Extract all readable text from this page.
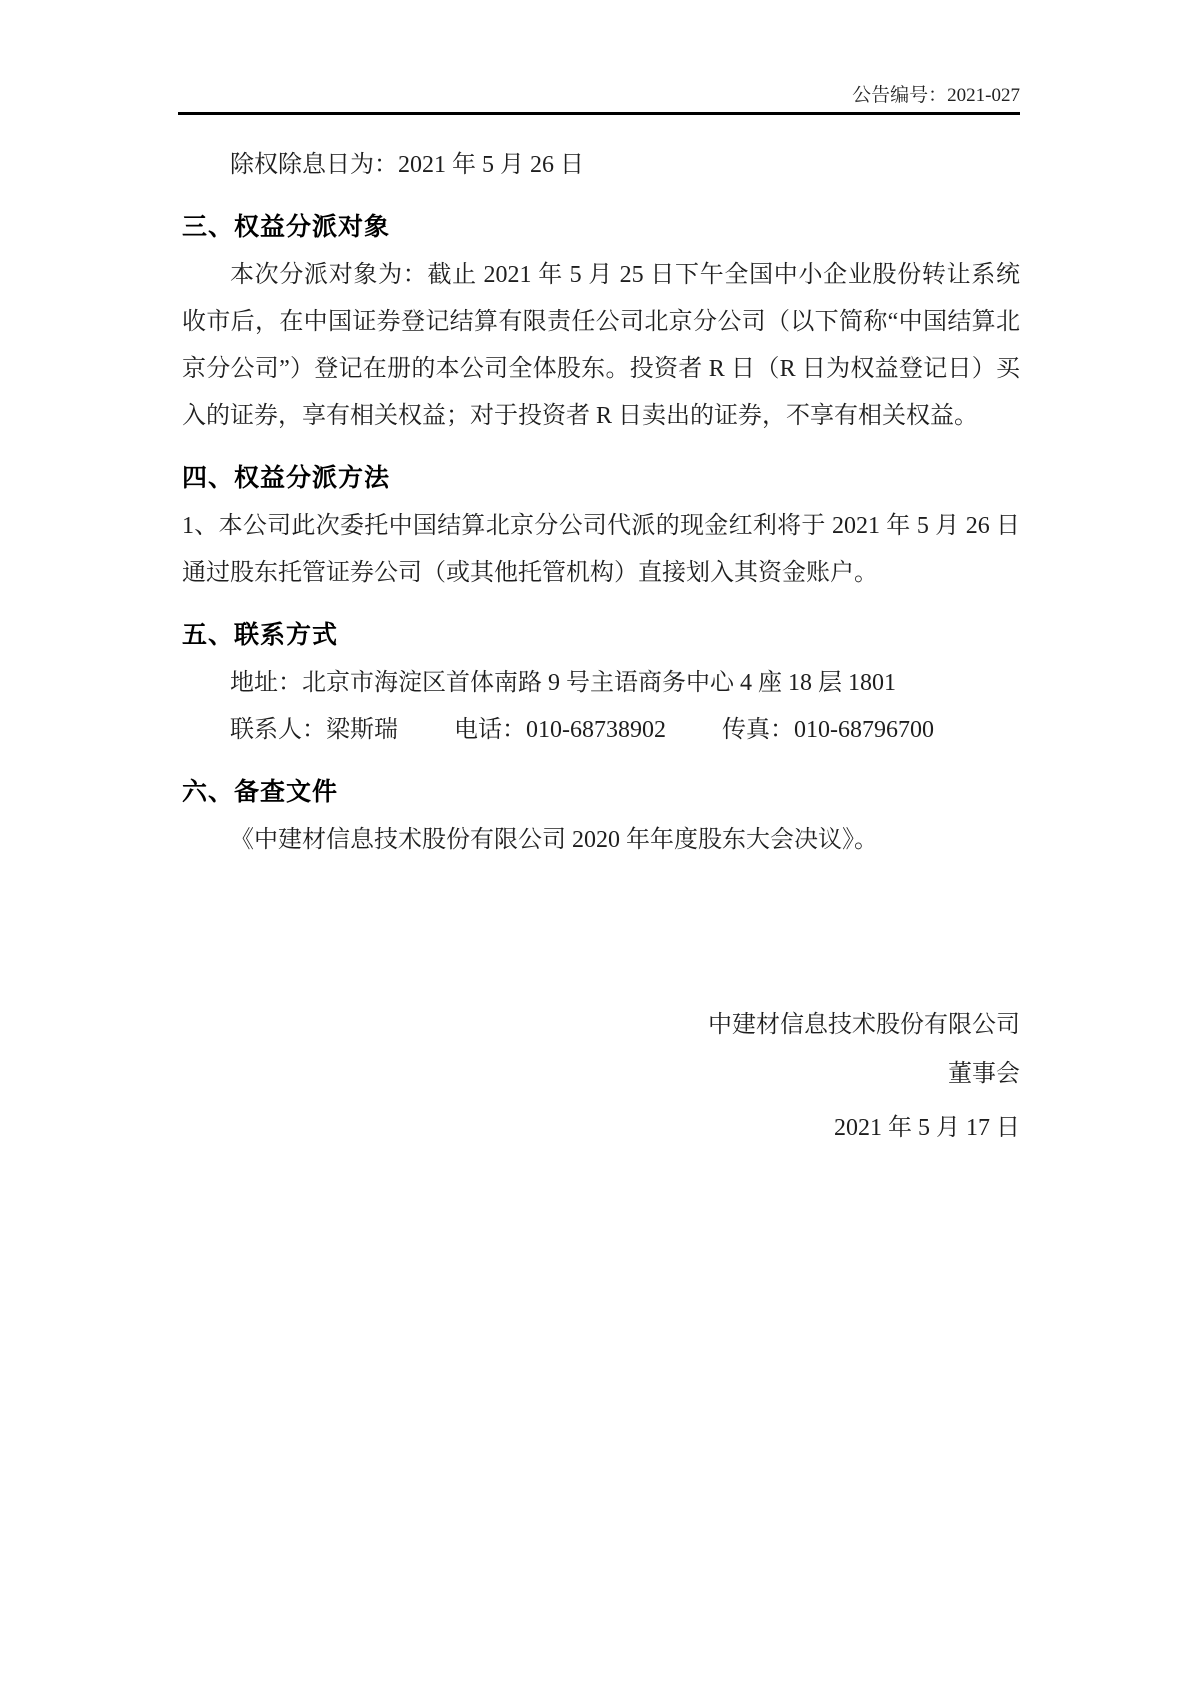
公告编号：2021-027

除权除息日为：2021 年 5 月 26 日

三、权益分派对象

本次分派对象为：截止 2021 年 5 月 25 日下午全国中小企业股份转让系统收市后，在中国证券登记结算有限责任公司北京分公司（以下简称“中国结算北京分公司”）登记在册的本公司全体股东。投资者 R 日（R 日为权益登记日）买入的证券，享有相关权益；对于投资者 R 日卖出的证券，不享有相关权益。

四、权益分派方法

1、本公司此次委托中国结算北京分公司代派的现金红利将于 2021 年 5 月 26 日通过股东托管证券公司（或其他托管机构）直接划入其资金账户。

五、联系方式

地址：北京市海淀区首体南路 9 号主语商务中心 4 座 18 层 1801

联系人：梁斯瑞 电话：010-68738902 传真：010-68796700
六、备查文件

《中建材信息技术股份有限公司 2020 年年度股东大会决议》。

中建材信息技术股份有限公司
董事会
2021 年 5 月 17 日
